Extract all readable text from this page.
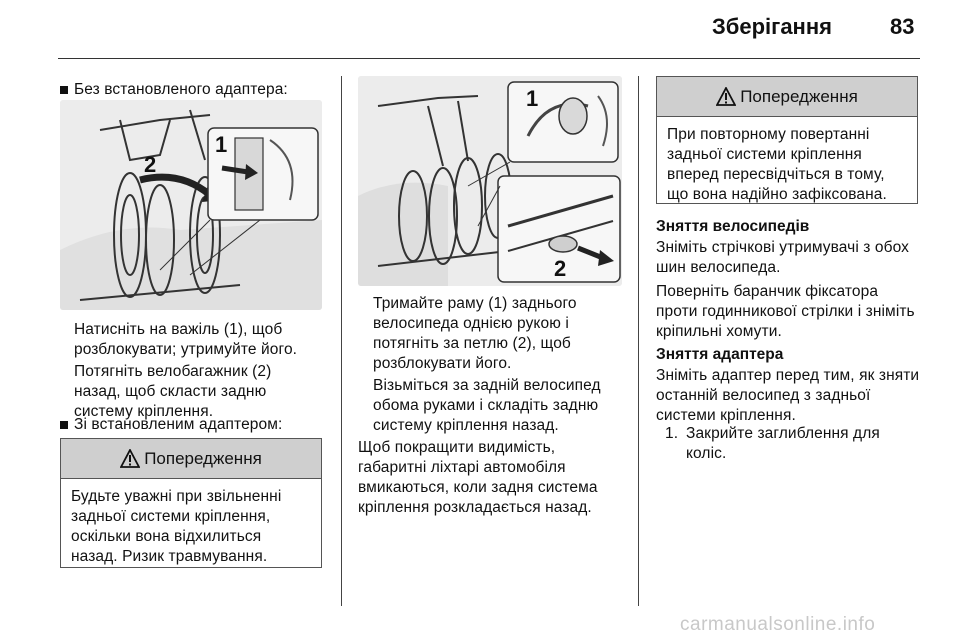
Зберігання	83
Без встановленого адаптера:
1
2
Натисніть на важіль (1), щоб
розблокувати; утримуйте його.
Потягніть велобагажник (2)
назад, щоб скласти задню
систему кріплення.
Зі встановленим адаптером:
Попередження
Будьте уважні при звільненні
задньої системи кріплення,
оскільки вона відхилиться
назад. Ризик травмування.
1
2
Тримайте раму (1) заднього
велосипеда однією рукою і
потягніть за петлю (2), щоб
розблокувати його.
Візьміться за задній велосипед
обома руками і складіть задню
систему кріплення назад.
Щоб покращити видимість,
габаритні ліхтарі автомобіля
вмикаються, коли задня система
кріплення розкладається назад.
Попередження
При повторному повертанні
задньої системи кріплення
вперед пересвідчіться в тому,
що вона надійно зафіксована.
Зняття велосипедів
Зніміть стрічкові утримувачі з обох
шин велосипеда.
Поверніть баранчик фіксатора
проти годинникової стрілки і зніміть
кріпильні хомути.
Зняття адаптера
Зніміть адаптер перед тим, як зняти
останній велосипед з задньої
системи кріплення.
1. Закрийте заглиблення для
коліс.
carmanualsonline.info
